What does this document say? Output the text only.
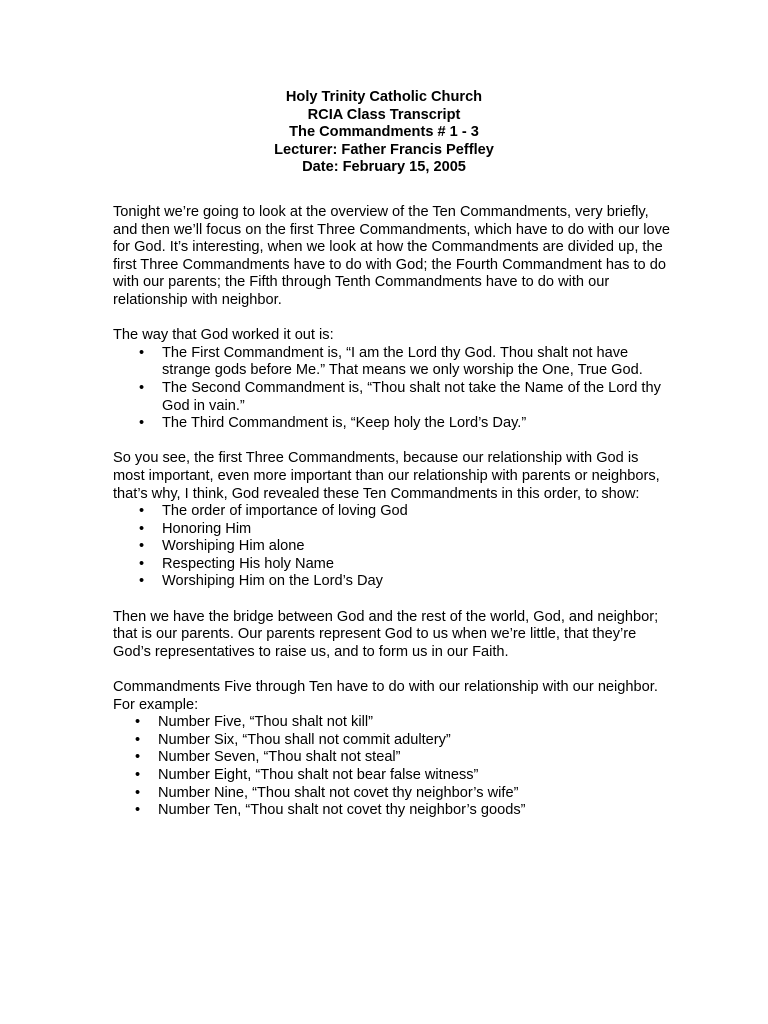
Holy Trinity Catholic Church
RCIA Class Transcript
The Commandments # 1 - 3
Lecturer: Father Francis Peffley
Date: February 15, 2005

Tonight we’re going to look at the overview of the Ten Commandments, very briefly, and then we’ll focus on the first Three Commandments, which have to do with our love for God. It’s interesting, when we look at how the Commandments are divided up, the first Three Commandments have to do with God; the Fourth Commandment has to do with our parents; the Fifth through Tenth Commandments have to do with our relationship with neighbor.

The way that God worked it out is:

• The First Commandment is, “I am the Lord thy God. Thou shalt not have strange gods before Me.” That means we only worship the One, True God.
• The Second Commandment is, “Thou shalt not take the Name of the Lord thy God in vain.”
• The Third Commandment is, “Keep holy the Lord’s Day.”

So you see, the first Three Commandments, because our relationship with God is most important, even more important than our relationship with parents or neighbors, that’s why, I think, God revealed these Ten Commandments in this order, to show:

• The order of importance of loving God
• Honoring Him
• Worshiping Him alone
• Respecting His holy Name
• Worshiping Him on the Lord’s Day

Then we have the bridge between God and the rest of the world, God, and neighbor; that is our parents. Our parents represent God to us when we’re little, that they’re God’s representatives to raise us, and to form us in our Faith.

Commandments Five through Ten have to do with our relationship with our neighbor. For example:

• Number Five, “Thou shalt not kill”
• Number Six, “Thou shall not commit adultery”
• Number Seven, “Thou shalt not steal”
• Number Eight, “Thou shalt not bear false witness”
• Number Nine, “Thou shalt not covet thy neighbor’s wife”
• Number Ten, “Thou shalt not covet thy neighbor’s goods”
